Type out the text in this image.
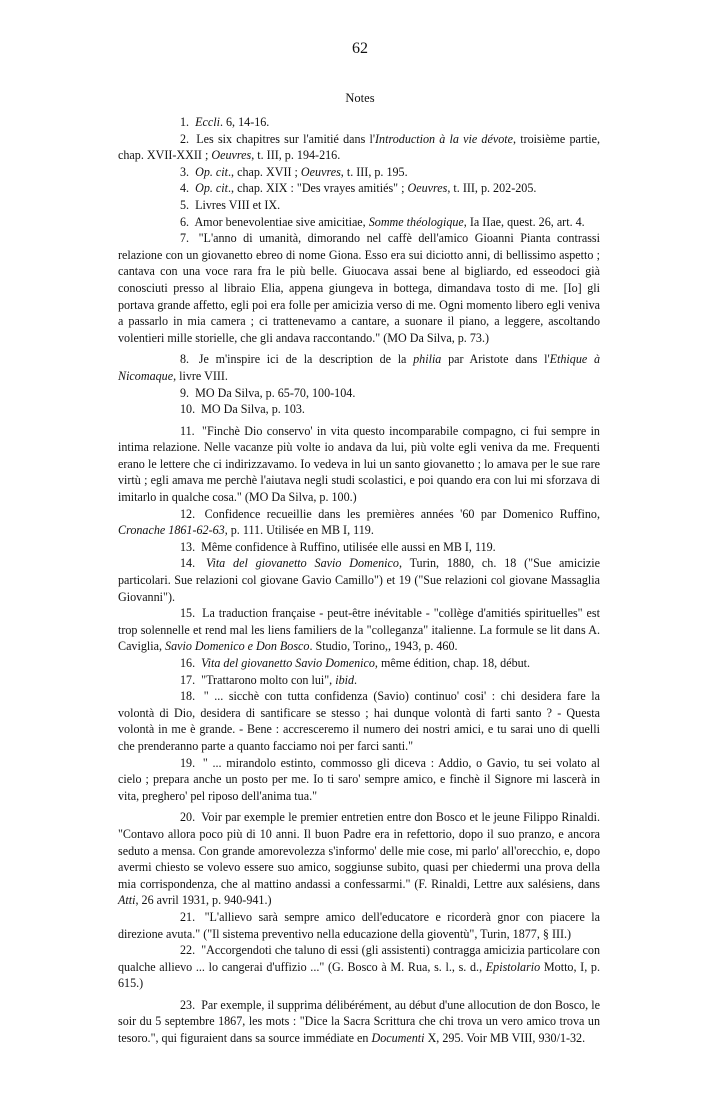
62
Notes

1. Eccli. 6, 14-16.

2. Les six chapitres sur l'amitié dans l'Introduction à la vie dévote, troisième partie, chap. XVII-XXII ; Oeuvres, t. III, p. 194-216.

3. Op. cit., chap. XVII ; Oeuvres, t. III, p. 195.

4. Op. cit., chap. XIX : "Des vrayes amitiés" ; Oeuvres, t. III, p. 202-205.

5. Livres VIII et IX.

6. Amor benevolentiae sive amicitiae, Somme théologique, Ia IIae, quest. 26, art. 4.

7. "L'anno di umanità, dimorando nel caffè dell'amico Gioanni Pianta contrassi relazione con un giovanetto ebreo di nome Giona. Esso era sui diciotto anni, di bellissimo aspetto ; cantava con una voce rara fra le più belle. Giuocava assai bene al bigliardo, ed esseodoci già conosciuti presso al libraio Elia, appena giungeva in bottega, dimandava tosto di me. [Io] gli portava grande affetto, egli poi era folle per amicizia verso di me. Ogni momento libero egli veniva a passarlo in mia camera ; ci trattenevamo a cantare, a suonare il piano, a leggere, ascoltando volentieri mille storielle, che gli andava raccontando." (MO Da Silva, p. 73.)

8. Je m'inspire ici de la description de la philia par Aristote dans l'Ethique à Nicomaque, livre VIII.

9. MO Da Silva, p. 65-70, 100-104.

10. MO Da Silva, p. 103.

11. "Finchè Dio conservo' in vita questo incomparabile compagno, ci fui sempre in intima relazione. Nelle vacanze più volte io andava da lui, più volte egli veniva da me. Frequenti erano le lettere che ci indirizzavamo. Io vedeva in lui un santo giovanetto ; lo amava per le sue rare virtù ; egli amava me perchè l'aiutava negli studi scolastici, e poi quando era con lui mi sforzava di imitarlo in qualche cosa." (MO Da Silva, p. 100.)

12. Confidence recueillie dans les premières années '60 par Domenico Ruffino, Cronache 1861-62-63, p. 111. Utilisée en MB I, 119.

13. Même confidence à Ruffino, utilisée elle aussi en MB I, 119.

14. Vita del giovanetto Savio Domenico, Turin, 1880, ch. 18 ("Sue amicizie particolari. Sue relazioni col giovane Gavio Camillo") et 19 ("Sue relazioni col giovane Massaglia Giovanni").

15. La traduction française - peut-être inévitable - "collège d'amitiés spirituelles" est trop solennelle et rend mal les liens familiers de la "colleganza" italienne. La formule se lit dans A. Caviglia, Savio Domenico e Don Bosco. Studio, Torino,, 1943, p. 460.

16. Vita del giovanetto Savio Domenico, même édition, chap. 18, début.

17. "Trattarono molto con lui", ibid.

18. " ... sicchè con tutta confidenza (Savio) continuo' cosi' : chi desidera fare la volontà di Dio, desidera di santificare se stesso ; hai dunque volontà di farti santo ? - Questa volontà in me è grande. - Bene : accresceremo il numero dei nostri amici, e tu sarai uno di quelli che prenderanno parte a quanto facciamo noi per farci santi."

19. " ... mirandolo estinto, commosso gli diceva : Addio, o Gavio, tu sei volato al cielo ; prepara anche un posto per me. Io ti saro' sempre amico, e finchè il Signore mi lascerà in vita, preghero' pel riposo dell'anima tua."

20. Voir par exemple le premier entretien entre don Bosco et le jeune Filippo Rinaldi. "Contavo allora poco più di 10 anni. Il buon Padre era in refettorio, dopo il suo pranzo, e ancora seduto a mensa. Con grande amorevolezza s'informo' delle mie cose, mi parlo' all'orecchio, e, dopo avermi chiesto se volevo essere suo amico, soggiunse subito, quasi per chiedermi una prova della mia corrispondenza, che al mattino andassi a confessarmi." (F. Rinaldi, Lettre aux salésiens, dans Atti, 26 avril 1931, p. 940-941.)

21. "L'allievo sarà sempre amico dell'educatore e ricorderà gnor con piacere la direzione avuta." ("Il sistema preventivo nella educazione della gioventù", Turin, 1877, § III.)

22. "Accorgendoti che taluno di essi (gli assistenti) contragga amicizia particolare con qualche allievo ... lo cangerai d'uffizio ..." (G. Bosco à M. Rua, s. l., s. d., Epistolario Motto, I, p. 615.)

23. Par exemple, il supprima délibérément, au début d'une allocution de don Bosco, le soir du 5 septembre 1867, les mots : "Dice la Sacra Scrittura che chi trova un vero amico trova un tesoro.", qui figuraient dans sa source immédiate en Documenti X, 295. Voir MB VIII, 930/1-32.
